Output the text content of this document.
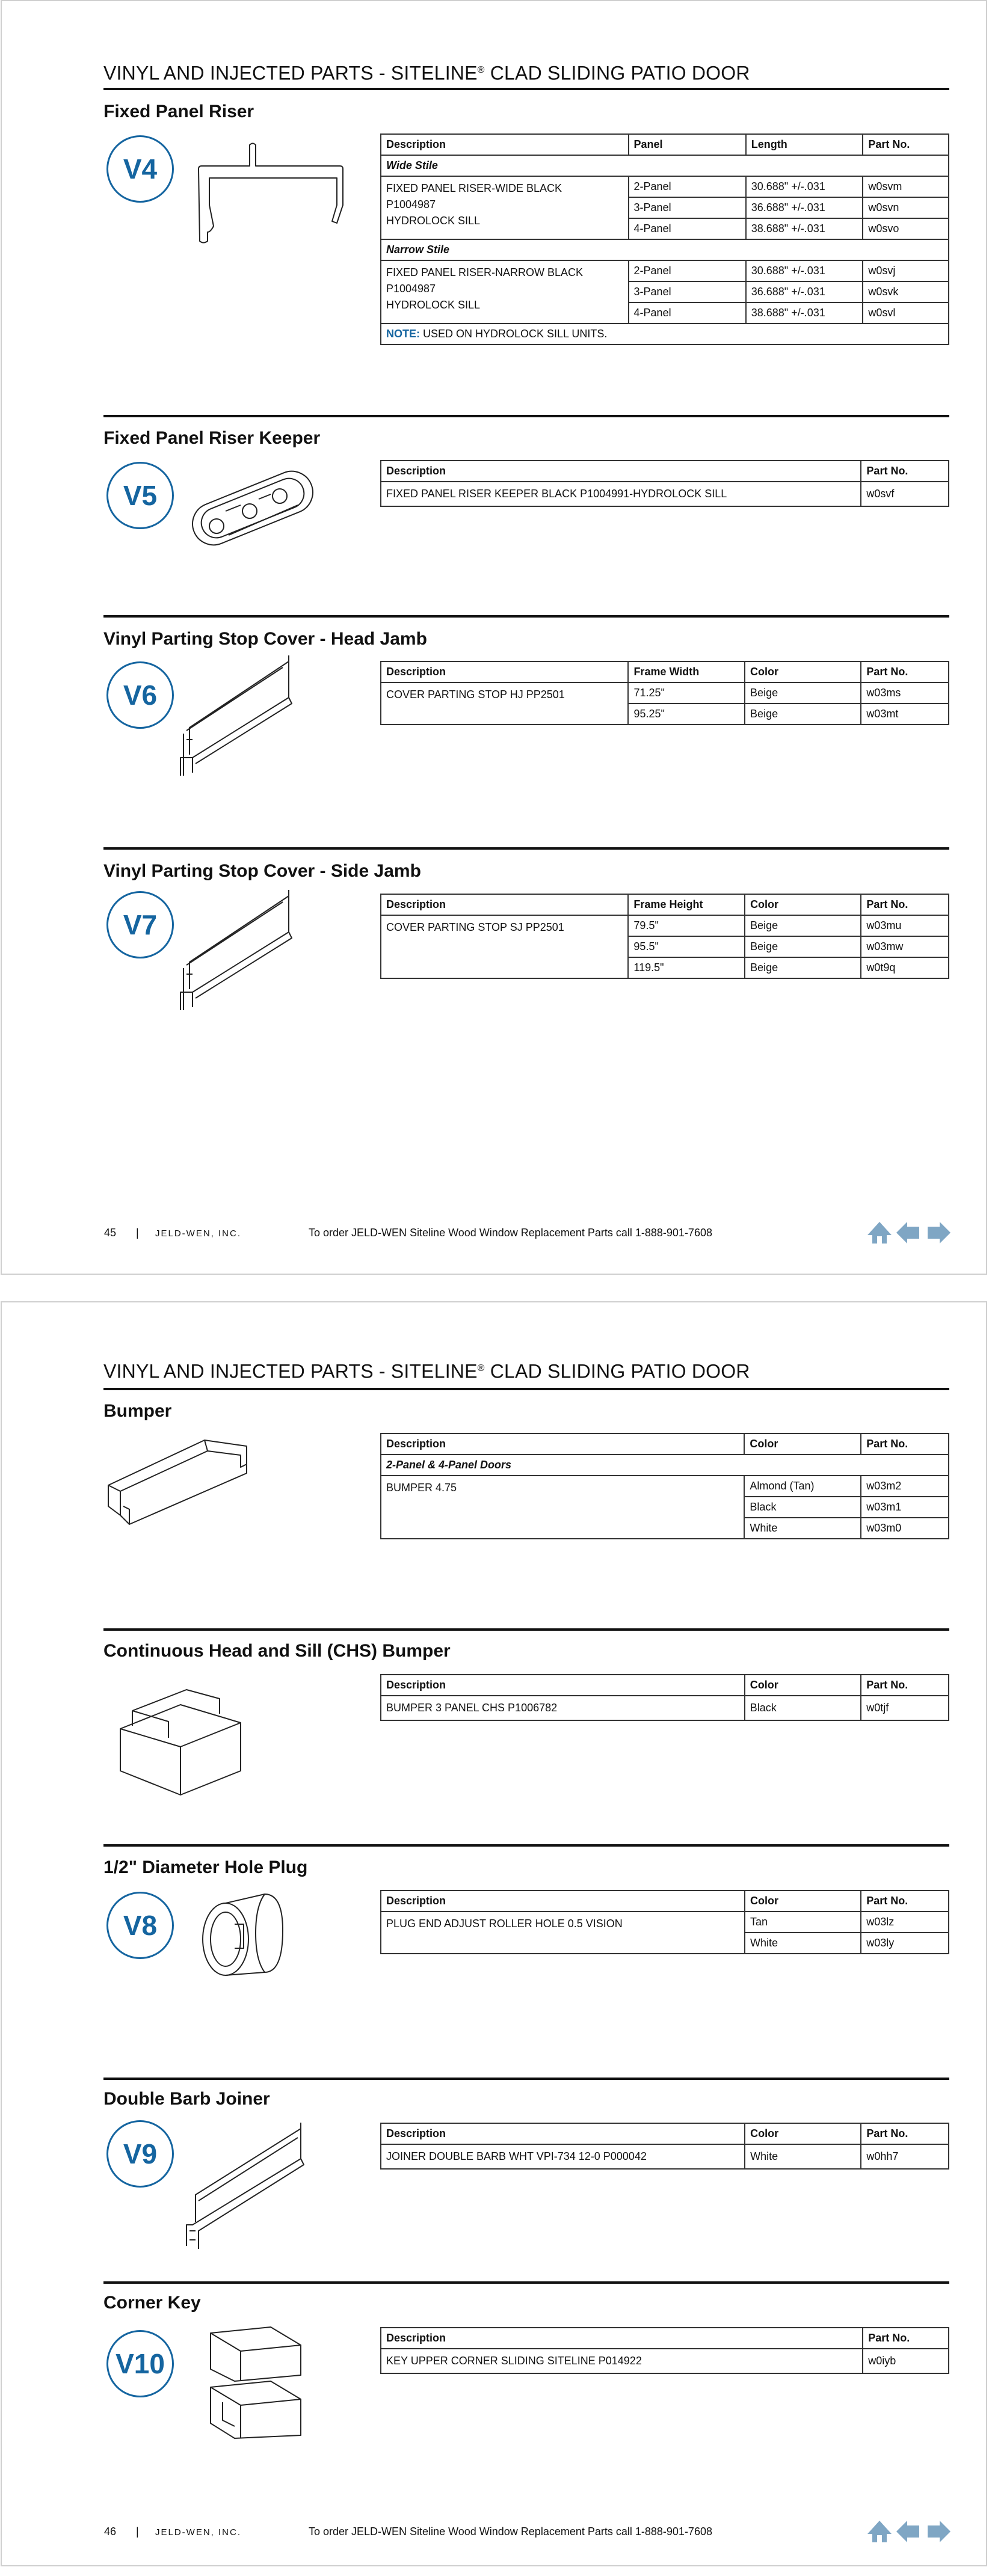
VINYL AND INJECTED PARTS - SITELINE® CLAD SLIDING PATIO DOOR
Fixed Panel Riser
V4
Description	Panel	Length	Part No.
Wide Stile			

FIXED PANEL RISER-WIDE BLACK
P1004987
HYDROLOCK SILL	2-Panel	30.688" +/-.031	w0svm
	3-Panel	36.688" +/-.031	w0svn
	4-Panel	38.688" +/-.031	w0svo
Narrow Stile			

FIXED PANEL RISER-NARROW BLACK
P1004987
HYDROLOCK SILL	2-Panel	30.688" +/-.031	w0svj
	3-Panel	36.688" +/-.031	w0svk
	4-Panel	38.688" +/-.031	w0svl
NOTE: USED ON HYDROLOCK SILL UNITS.			
Fixed Panel Riser Keeper
V5
Description	Part No.

FIXED PANEL RISER KEEPER BLACK P1004991-HYDROLOCK SILL	w0svf
Vinyl Parting Stop Cover - Head Jamb
V6
Description	Frame Width	Color	Part No.

COVER PARTING STOP HJ PP2501	71.25"	Beige	w03ms
	95.25"	Beige	w03mt
Vinyl Parting Stop Cover - Side Jamb
V7
Description	Frame Height	Color	Part No.

COVER PARTING STOP SJ PP2501	79.5"	Beige	w03mu
	95.5"	Beige	w03mw
	119.5"	Beige	w0t9q
45 | JELD-WEN, INC.	To order JELD-WEN Siteline Wood Window Replacement Parts call 1-888-901-7608
VINYL AND INJECTED PARTS - SITELINE® CLAD SLIDING PATIO DOOR
Bumper
Description	Color	Part No.
2-Panel & 4-Panel Doors		

BUMPER 4.75	Almond (Tan)	w03m2
	Black	w03m1
	White	w03m0
Continuous Head and Sill (CHS) Bumper
Description	Color	Part No.

BUMPER 3 PANEL CHS P1006782	Black	w0tjf
1/2" Diameter Hole Plug
V8
Description	Color	Part No.

PLUG END ADJUST ROLLER HOLE 0.5 VISION	Tan	w03lz
	White	w03ly
Double Barb Joiner
V9
Description	Color	Part No.

JOINER DOUBLE BARB WHT VPI-734 12-0 P000042	White	w0hh7
Corner Key
V10
Description	Part No.

KEY UPPER CORNER SLIDING SITELINE P014922	w0iyb
46 | JELD-WEN, INC.	To order JELD-WEN Siteline Wood Window Replacement Parts call 1-888-901-7608
